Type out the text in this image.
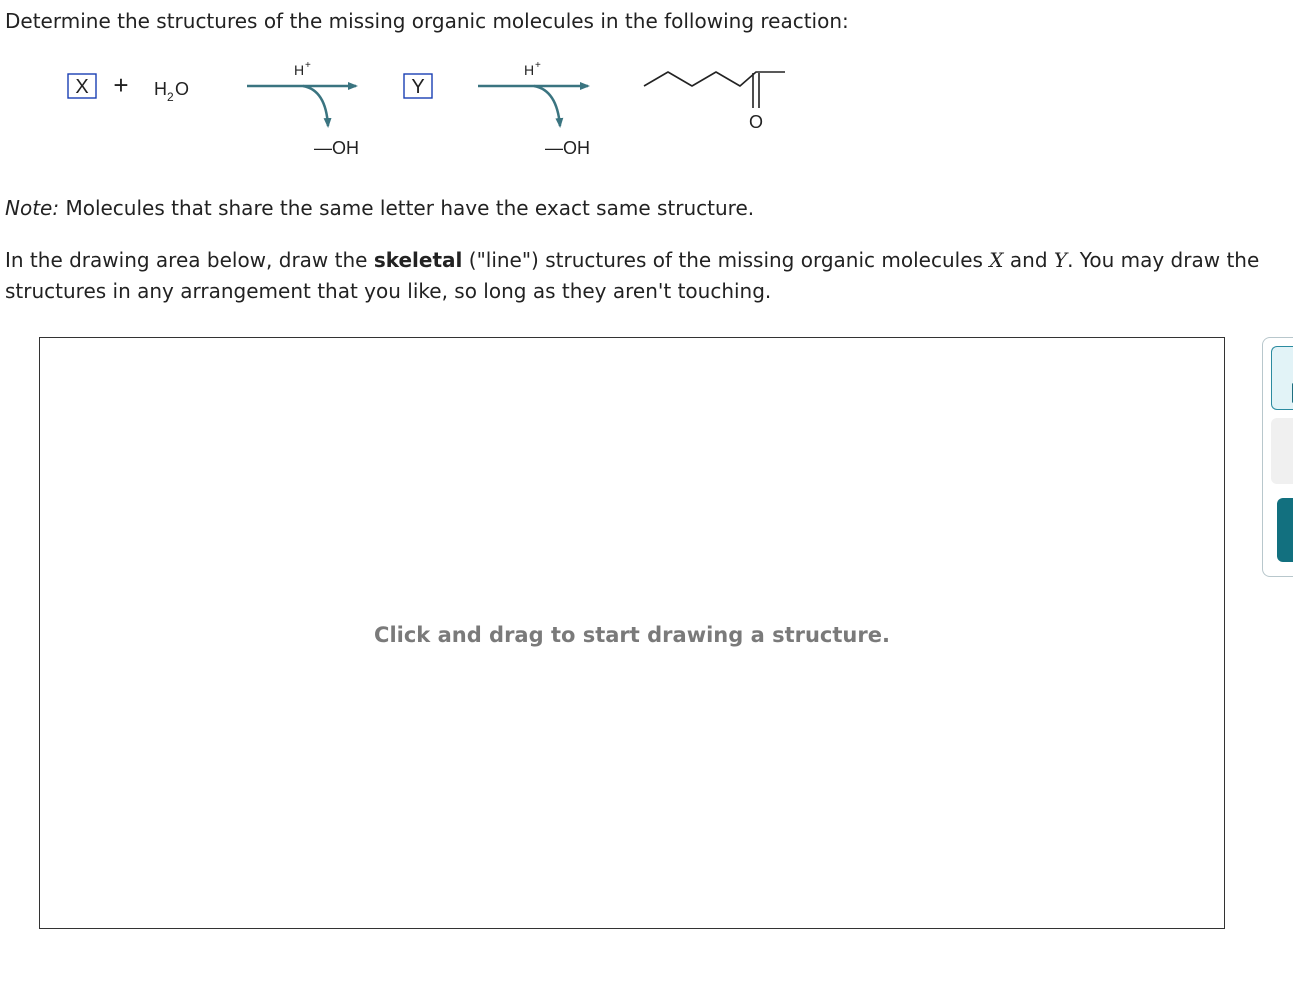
Determine the structures of the missing organic molecules in the following reaction:

X + H 2 O
H +
—OH
Y
H +
—OH
O

Note: Molecules that share the same letter have the exact same structure.

In the drawing area below, draw the skeletal ("line") structures of the missing organic molecules X and Y. You may draw the structures in any arrangement that you like, so long as they aren't touching.

Click and drag to start drawing a structure.
